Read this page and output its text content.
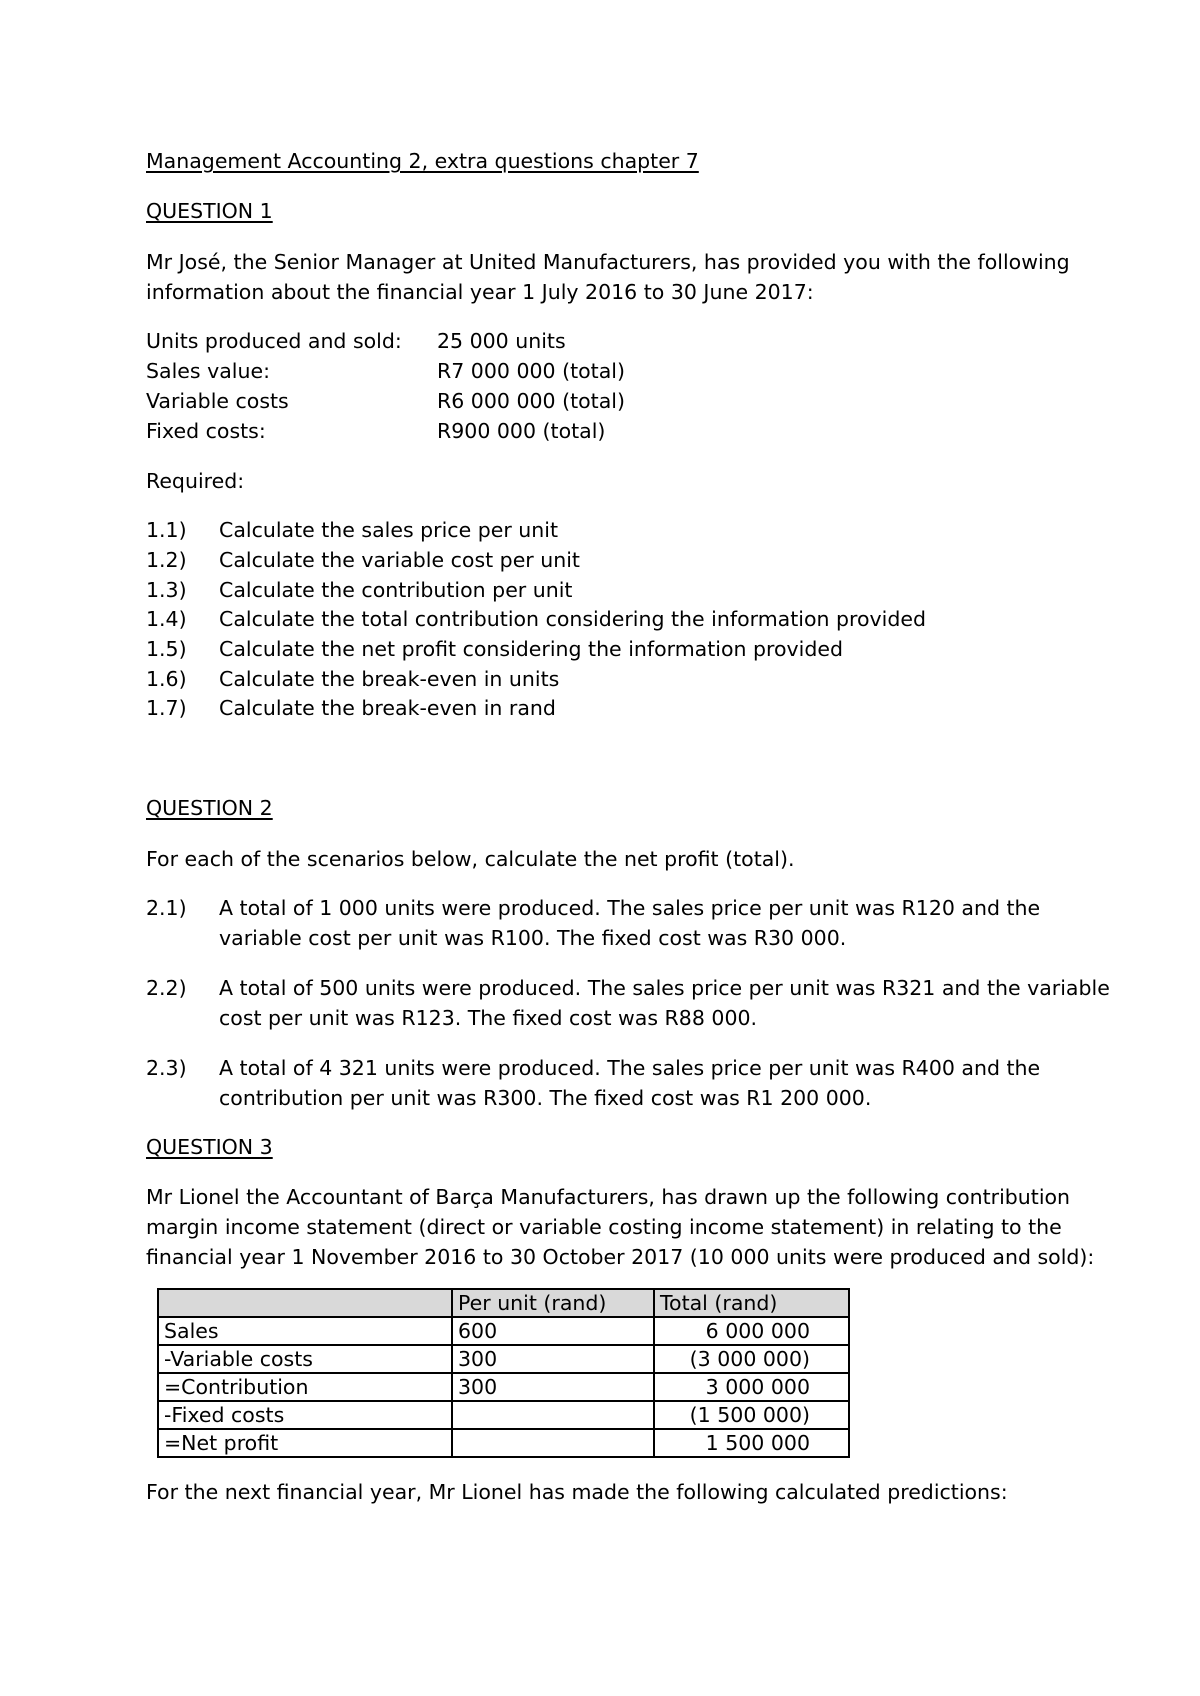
Management Accounting 2, extra questions chapter 7
QUESTION 1
Mr José, the Senior Manager at United Manufacturers, has provided you with the following
information about the financial year 1 July 2016 to 30 June 2017:
Units produced and sold: 25 000 units
Sales value:	R7 000 000 (total)
Variable costs	R6 000 000 (total)
Fixed costs:	R900 000 (total)
Required:
1.1) Calculate the sales price per unit
1.2) Calculate the variable cost per unit
1.3) Calculate the contribution per unit
1.4) Calculate the total contribution considering the information provided
1.5) Calculate the net profit considering the information provided
1.6) Calculate the break-even in units
1.7) Calculate the break-even in rand
QUESTION 2
For each of the scenarios below, calculate the net profit (total).
2.1) A total of 1 000 units were produced. The sales price per unit was R120 and the
variable cost per unit was R100. The fixed cost was R30 000.
2.2) A total of 500 units were produced. The sales price per unit was R321 and the variable
cost per unit was R123. The fixed cost was R88 000.
2.3) A total of 4 321 units were produced. The sales price per unit was R400 and the
contribution per unit was R300. The fixed cost was R1 200 000.
QUESTION 3
Mr Lionel the Accountant of Barça Manufacturers, has drawn up the following contribution
margin income statement (direct or variable costing income statement) in relating to the
financial year 1 November 2016 to 30 October 2017 (10 000 units were produced and sold):
	Per unit (rand)	Total (rand)
Sales	600	6 000 000
-Variable costs	300	(3 000 000)
=Contribution	300	3 000 000
-Fixed costs		(1 500 000)
=Net profit		1 500 000
For the next financial year, Mr Lionel has made the following calculated predictions:
